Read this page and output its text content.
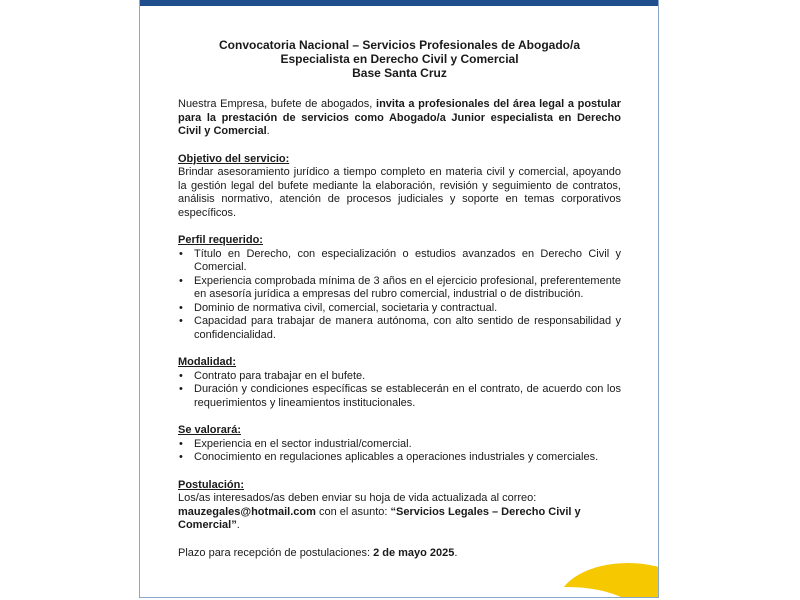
Convocatoria Nacional – Servicios Profesionales de Abogado/a
Especialista en Derecho Civil y Comercial
Base Santa Cruz

Nuestra Empresa, bufete de abogados, invita a profesionales del área legal a postular para la prestación de servicios como Abogado/a Junior especialista en Derecho Civil y Comercial.

Objetivo del servicio:

Brindar asesoramiento jurídico a tiempo completo en materia civil y comercial, apoyando la gestión legal del bufete mediante la elaboración, revisión y seguimiento de contratos, análisis normativo, atención de procesos judiciales y soporte en temas corporativos específicos.

Perfil requerido:

• Título en Derecho, con especialización o estudios avanzados en Derecho Civil y Comercial.
• Experiencia comprobada mínima de 3 años en el ejercicio profesional, preferentemente en asesoría jurídica a empresas del rubro comercial, industrial o de distribución.
• Dominio de normativa civil, comercial, societaria y contractual.
• Capacidad para trabajar de manera autónoma, con alto sentido de responsabilidad y confidencialidad.

Modalidad:

• Contrato para trabajar en el bufete.
• Duración y condiciones específicas se establecerán en el contrato, de acuerdo con los requerimientos y lineamientos institucionales.

Se valorará:

• Experiencia en el sector industrial/comercial.
• Conocimiento en regulaciones aplicables a operaciones industriales y comerciales.

Postulación:

Los/as interesados/as deben enviar su hoja de vida actualizada al correo:

mauzegales@hotmail.com con el asunto: “Servicios Legales – Derecho Civil y Comercial”.

Plazo para recepción de postulaciones: 2 de mayo 2025.
